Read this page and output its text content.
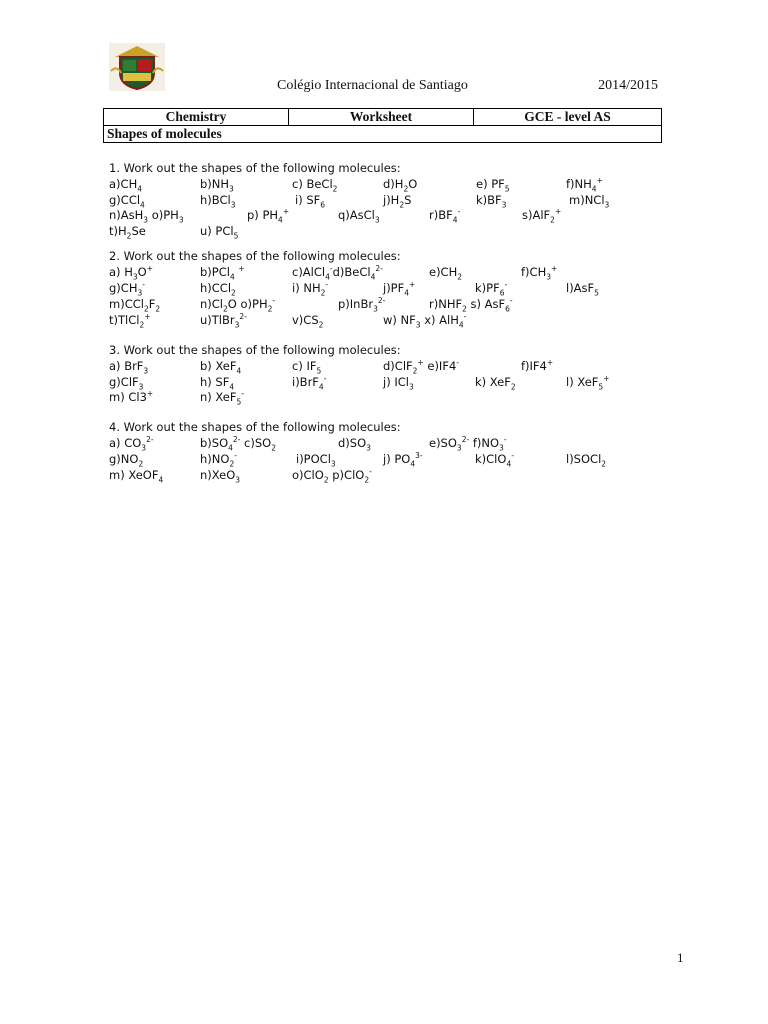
Colégio Internacional de Santiago	2014/2015
Chemistry	Worksheet	GCE - level AS
Shapes of molecules
1. Work out the shapes of the following molecules:
$a)CH_4$	$b)NH_3$	c) BeCl$_2$	$d)H_2O$	e) $PF_5$	$f)NH_4^+$
g)CCl$_4$	h)BCl$_3$	i) $SF_6$	$j)H_2S$	$k)BF_3$	m)NCl$_3$
n)AsH$_3$ $o)PH_3$	p) $PH_4^+$	q)AsCl$_3$	$r)BF_4^-$	s)AlF$_2$+
$t)H_2Se$	u) PCl$_5$
2. Work out the shapes of the following molecules:
a) $H_3O^+$	b)PCl$_4$ +	c)AlCl$_4$-d)BeCl$_4^{2-}$	$e)CH_2$	$f)CH_3^+$
$g)CH_3^-$	h)CCl$_2$	i) $NH_2^-$	$j)PF_4^+$	$k)PF_6^-$	l)AsF$_5$
$m)CCl_2F_2$	$n)Cl_2O$ $o)PH_2^-$	p)InBr$_3^{2-}$	$r)NHF_2$ s) AsF$_6$-
t)TlCl$_2$+	u)TlBr$_3^{2-}$	$v)CS_2$	w) $NF_3$ x) AlH$_4$-
3. Work out the shapes of the following molecules:
a) BrF$_3$	b) XeF$_4$	c) $IF_5$	d)ClF$_2$+ e)IF4-	f)IF4+
g)ClF$_3$	h) $SF_4$	i)BrF$_4$-	j) ICl$_3$	k) XeF$_2$	l) XeF$_5$+
m) Cl3+	n) XeF$_5$-
4. Work out the shapes of the following molecules:
a) $CO_3^{2-}$	$b)SO_4^{2-}$ $c)SO_2$	$d)SO_3$	$e)SO_3^{2-}$ $f)NO_3^-$
$g)NO_2$	$h)NO_2^-$	i)POCl$_3$	j) $PO_4^{3-}$	k)ClO$_4$-	l)SOCl$_2$
m) XeOF$_4$	n)XeO$_3$	o)ClO$_2$ p)ClO$_2$-
1
